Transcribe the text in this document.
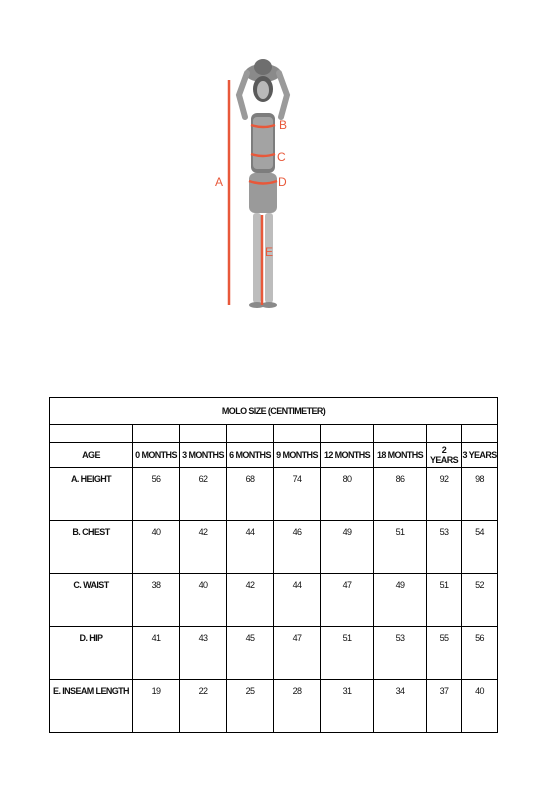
A
B
C
D
E
MOLO SIZE (CENTIMETER)								

AGE	0 MONTHS	3 MONTHS	6 MONTHS	9 MONTHS	12 MONTHS	18 MONTHS	2 YEARS	3 YEARS
A. HEIGHT	56	62	68	74	80	86	92	98
B. CHEST	40	42	44	46	49	51	53	54
C. WAIST	38	40	42	44	47	49	51	52
D. HIP	41	43	45	47	51	53	55	56
E. INSEAM LENGTH	19	22	25	28	31	34	37	40
